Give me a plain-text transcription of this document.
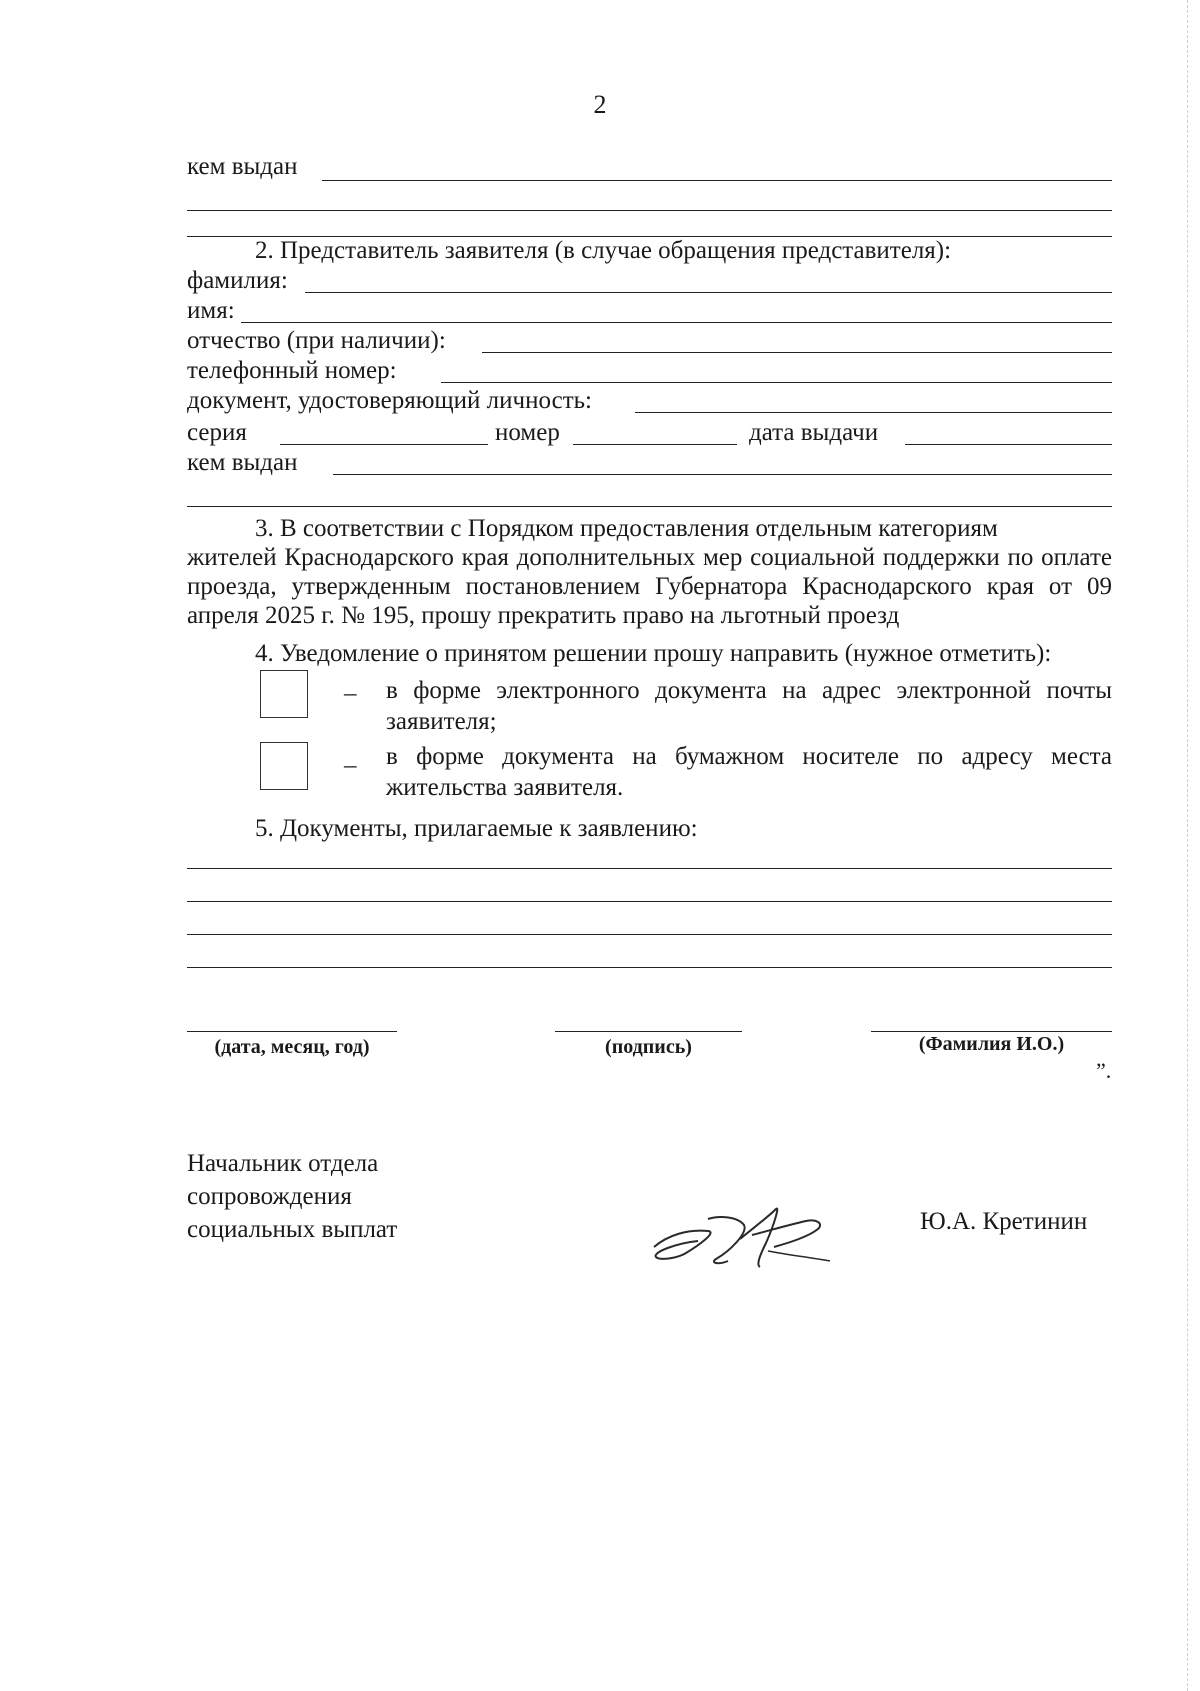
2
кем выдан
2. Представитель заявителя (в случае обращения представителя):
фамилия:
имя:
отчество (при наличии):
телефонный номер:
документ, удостоверяющий личность:
серия	номер	дата выдачи
кем выдан
3. В соответствии с Порядком предоставления отдельным категориям
жителей Краснодарского края дополнительных мер социальной поддержки по оплате проезда, утвержденным постановлением Губернатора Краснодарского края от 09 апреля 2025 г. № 195, прошу прекратить право на льготный проезд
4. Уведомление о принятом решении прошу направить (нужное отметить):
– в форме электронного документа на адрес электронной почты заявителя;
– в форме документа на бумажном носителе по адресу места жительства заявителя.
5. Документы, прилагаемые к заявлению:
(дата, месяц, год)	(подпись)	(Фамилия И.О.)
”.
Начальник отдела
сопровождения
социальных выплат	Ю.А. Кретинин
